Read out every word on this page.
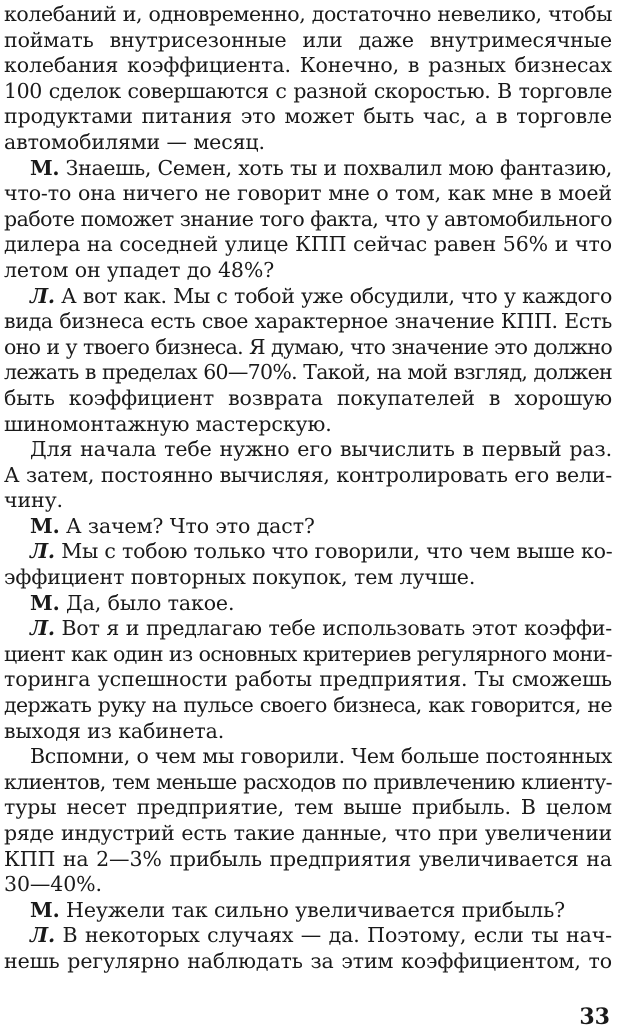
колебаний и, одновременно, достаточно невелико, чтобы
поймать внутрисезонные или даже внутримесячные
колебания коэффициента. Конечно, в разных бизнесах
100 сделок совершаются с разной скоростью. В торговле
продуктами питания это может быть час, а в торговле
автомобилями — месяц.
М. Знаешь, Семен, хоть ты и похвалил мою фантазию,
что-то она ничего не говорит мне о том, как мне в моей
работе поможет знание того факта, что у автомобильного
дилера на соседней улице КПП сейчас равен 56% и что
летом он упадет до 48%?
Л. А вот как. Мы с тобой уже обсудили, что у каждого
вида бизнеса есть свое характерное значение КПП. Есть
оно и у твоего бизнеса. Я думаю, что значение это должно
лежать в пределах 60—70%. Такой, на мой взгляд, должен
быть коэффициент возврата покупателей в хорошую
шиномонтажную мастерскую.
Для начала тебе нужно его вычислить в первый раз.
А затем, постоянно вычисляя, контролировать его вели-
чину.
М. А зачем? Что это даст?
Л. Мы с тобою только что говорили, что чем выше ко-
эффициент повторных покупок, тем лучше.
М. Да, было такое.
Л. Вот я и предлагаю тебе использовать этот коэффи-
циент как один из основных критериев регулярного мони-
торинга успешности работы предприятия. Ты сможешь
держать руку на пульсе своего бизнеса, как говорится, не
выходя из кабинета.
Вспомни, о чем мы говорили. Чем больше постоянных
клиентов, тем меньше расходов по привлечению клиенту-
туры несет предприятие, тем выше прибыль. В целом
ряде индустрий есть такие данные, что при увеличении
КПП на 2—3% прибыль предприятия увеличивается на
30—40%.
М. Неужели так сильно увеличивается прибыль?
Л. В некоторых случаях — да. Поэтому, если ты нач-
нешь регулярно наблюдать за этим коэффициентом, то
33
